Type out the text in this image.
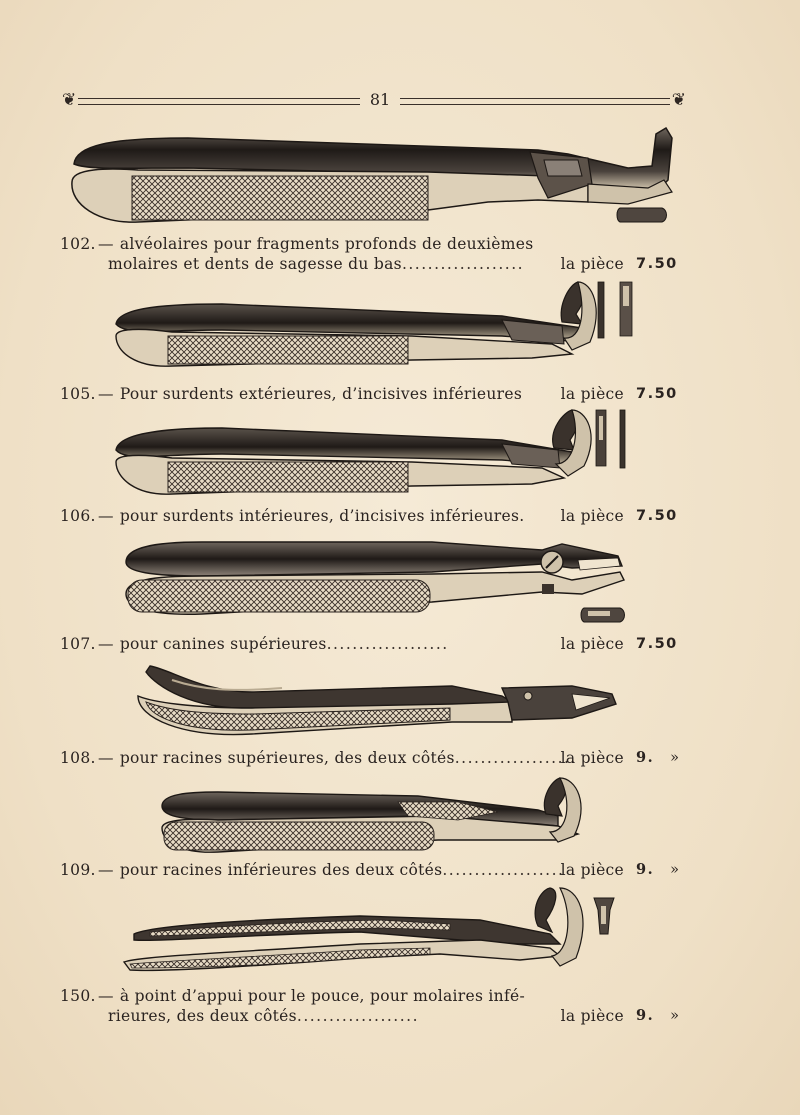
❦	81	❦
102. — alvéolaires pour fragments profonds de deuxièmes
molaires et dents de sagesse du bas................... la pièce 7.50
105. — Pour surdents extérieures, d’incisives inférieures la pièce 7.50
106. — pour surdents intérieures, d’incisives inférieures. la pièce 7.50
107. — pour canines supérieures...................	la pièce 7.50
108. — pour racines supérieures, des deux côtés...................
la pièce 9. »
109. — pour racines inférieures des deux côtés...................
la pièce 9. »
150. — à point d’appui pour le pouce, pour molaires infé-
rieures, des deux côtés...................	la pièce 9. »
